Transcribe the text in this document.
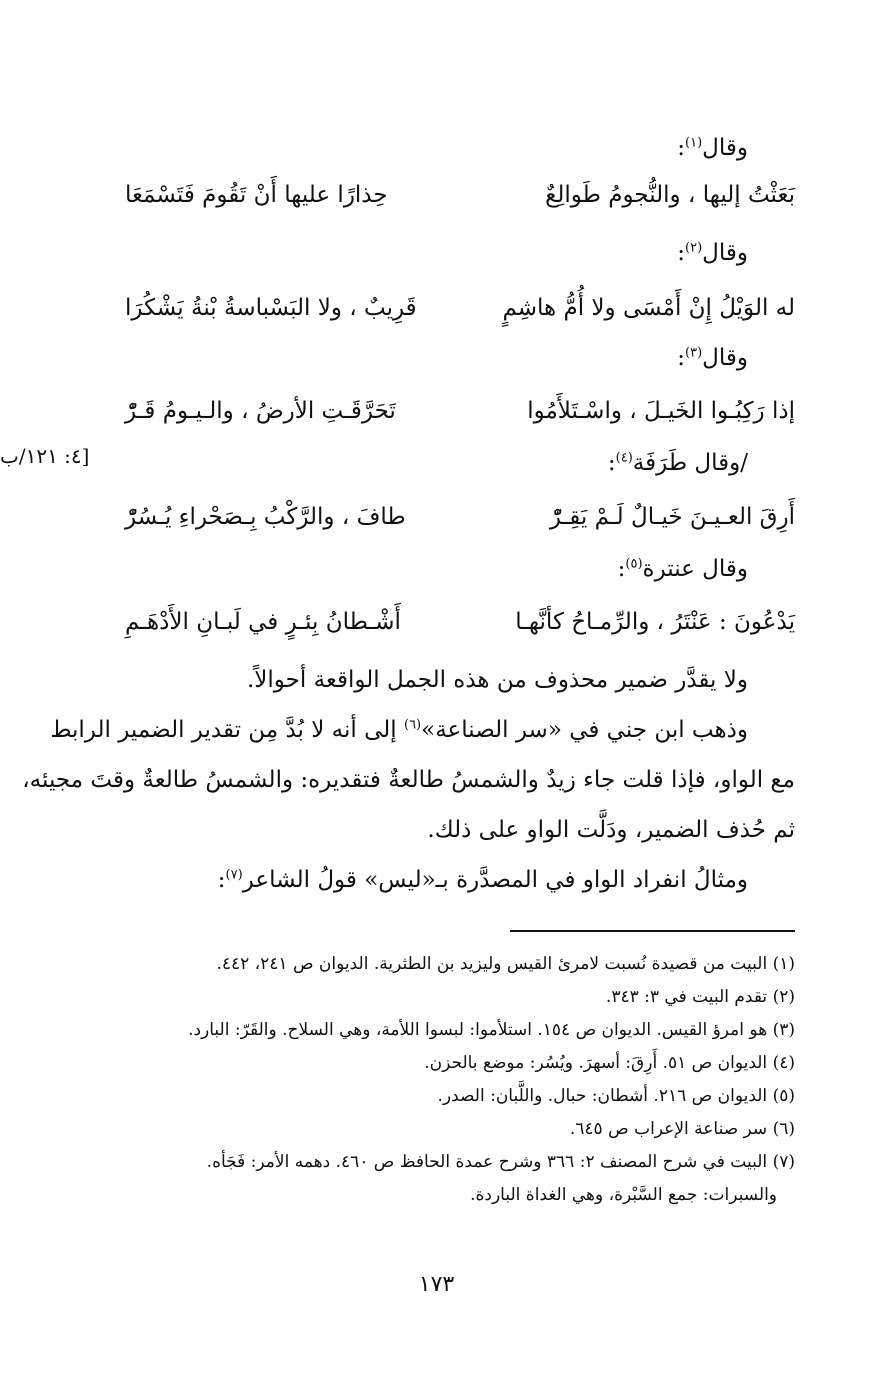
وقال$^{(١)}$:
بَعَثْتُ إليها ، والنُّجومُ طَوالِعٌ
حِذارًا عليها أَنْ تَقُومَ فَتَسْمَعَا
وقال$^{(٢)}$:
له الوَيْلُ إِنْ أَمْسَى ولا أُمُّ هاشِمٍ
قَرِيبٌ ، ولا البَسْباسةُ بْنةُ يَشْكُرَا
وقال$^{(٣)}$:
إذا رَكِبُـوا الخَيـلَ ، واسْـتَلأَمُوا
تَحَرَّقَـتِ الأرضُ ، والـيـومُ قَـرّْ
[٤: ١٢١/ب	/وقال طَرَفَة$^{(٤)}$:
أَرِقَ العـيـنَ خَيـالٌ لَـمْ يَقِـرّْ
طافَ ، والرَّكْبُ بِـصَحْراءِ يُـسُرّْ
وقال عنترة$^{(٥)}$:
يَدْعُونَ : عَنْتَرُ ، والرِّمـاحُ كأنَّهـا
أَشْـطانُ بِئـرٍ في لَبـانِ الأَدْهَـمِ
ولا يقدَّر ضمير محذوف من هذه الجمل الواقعة أحوالاً.
وذهب ابن جني في «سر الصناعة»$^{(٦)}$ إلى أنه لا بُدَّ مِن تقدير الضمير الرابط
مع الواو، فإذا قلت جاء زيدٌ والشمسُ طالعةٌ فتقديره: والشمسُ طالعةٌ وقتَ مجيئه،
ثم حُذف الضمير، ودَلَّت الواو على ذلك.
ومثالُ انفراد الواو في المصدَّرة بـ«ليس» قولُ الشاعر$^{(٧)}$:
(١) البيت من قصيدة نُسبت لامرئ القيس وليزيد بن الطثرية. الديوان ص ٢٤١، ٤٤٢.
(٢) تقدم البيت في ٣: ٣٤٣.
(٣) هو امرؤ القيس. الديوان ص ١٥٤. استلأموا: لبسوا اللأمة، وهي السلاح. والقَرّ: البارد.
(٤) الديوان ص ٥١. أَرِقَ: أسهرَ. ويُسُر: موضع بالحزن.
(٥) الديوان ص ٢١٦. أشطان: حبال. واللَّبان: الصدر.
(٦) سر صناعة الإعراب ص ٦٤٥.
(٧) البيت في شرح المصنف ٢: ٣٦٦ وشرح عمدة الحافظ ص ٤٦٠. دهمه الأمر: فَجَأه.
والسبرات: جمع السَّبْرة، وهي الغداة الباردة.
١٧٣
